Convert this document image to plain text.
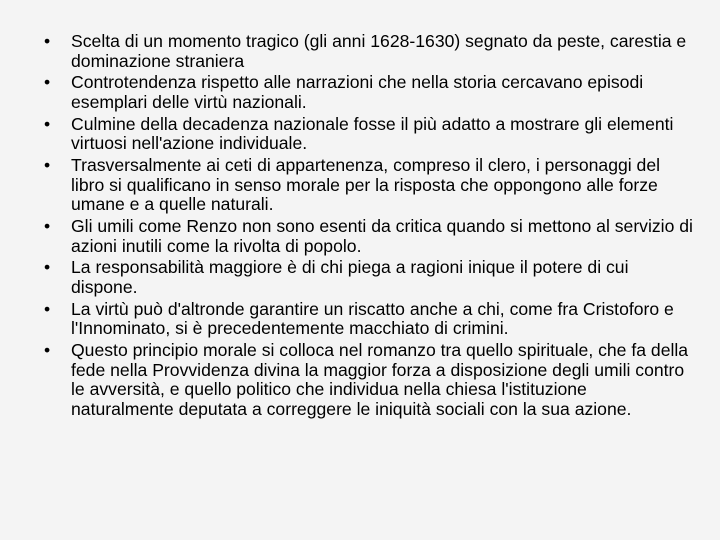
•	Scelta di un momento tragico (gli anni 1628-1630) segnato da peste, carestia e dominazione straniera
•	Controtendenza rispetto alle narrazioni che nella storia cercavano episodi esemplari delle virtù nazionali.
•	Culmine della decadenza nazionale fosse il più adatto a mostrare gli elementi virtuosi nell'azione individuale.
•	Trasversalmente ai ceti di appartenenza, compreso il clero, i personaggi del libro si qualificano in senso morale per la risposta che oppongono alle forze umane e a quelle naturali.
•	Gli umili come Renzo non sono esenti da critica quando si mettono al servizio di azioni inutili come la rivolta di popolo.
•	La responsabilità maggiore è di chi piega a ragioni inique il potere di cui dispone.
•	La virtù può d'altronde garantire un riscatto anche a chi, come fra Cristoforo e l'Innominato, si è precedentemente macchiato di crimini.
•	Questo principio morale si colloca nel romanzo tra quello spirituale, che fa della fede nella Provvidenza divina la maggior forza a disposizione degli umili contro le avversità, e quello politico che individua nella chiesa l'istituzione naturalmente deputata a correggere le iniquità sociali con la sua azione.
